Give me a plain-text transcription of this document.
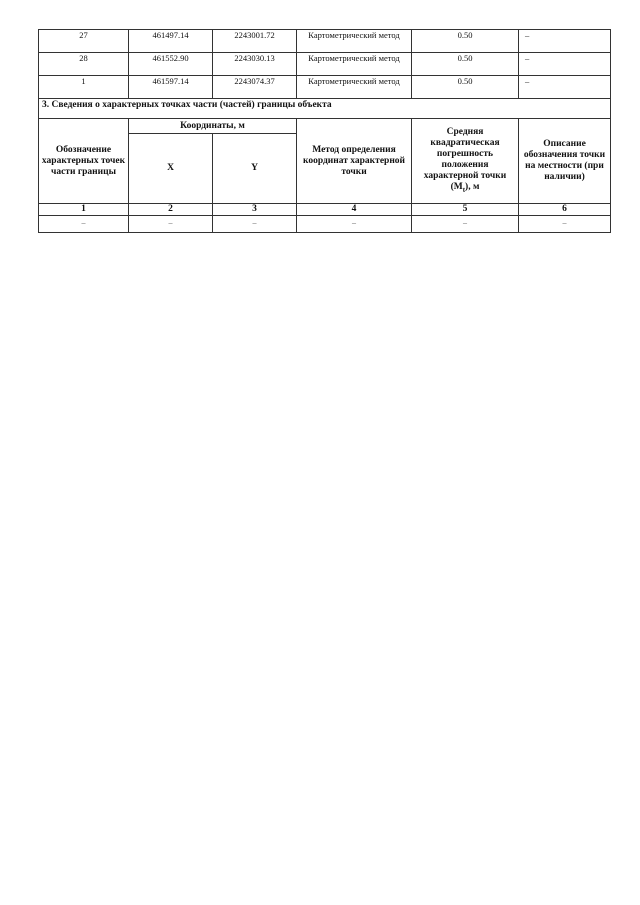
27	461497.14	2243001.72	Картометрический метод	0.50	–
28	461552.90	2243030.13	Картометрический метод	0.50	–
1	461597.14	2243074.37	Картометрический метод	0.50	–
3. Сведения о характерных точках части (частей) границы объекта					
Обозначение характерных точек части границы	Координаты, м		Метод определения координат характерной точки	Средняя квадратическая погрешность положения характерной точки $(M_t)$, м	Описание обозначения точки на местности (при наличии)
	X	Y			
1	2	3	4	5	6
–	–	–	–	–	–
